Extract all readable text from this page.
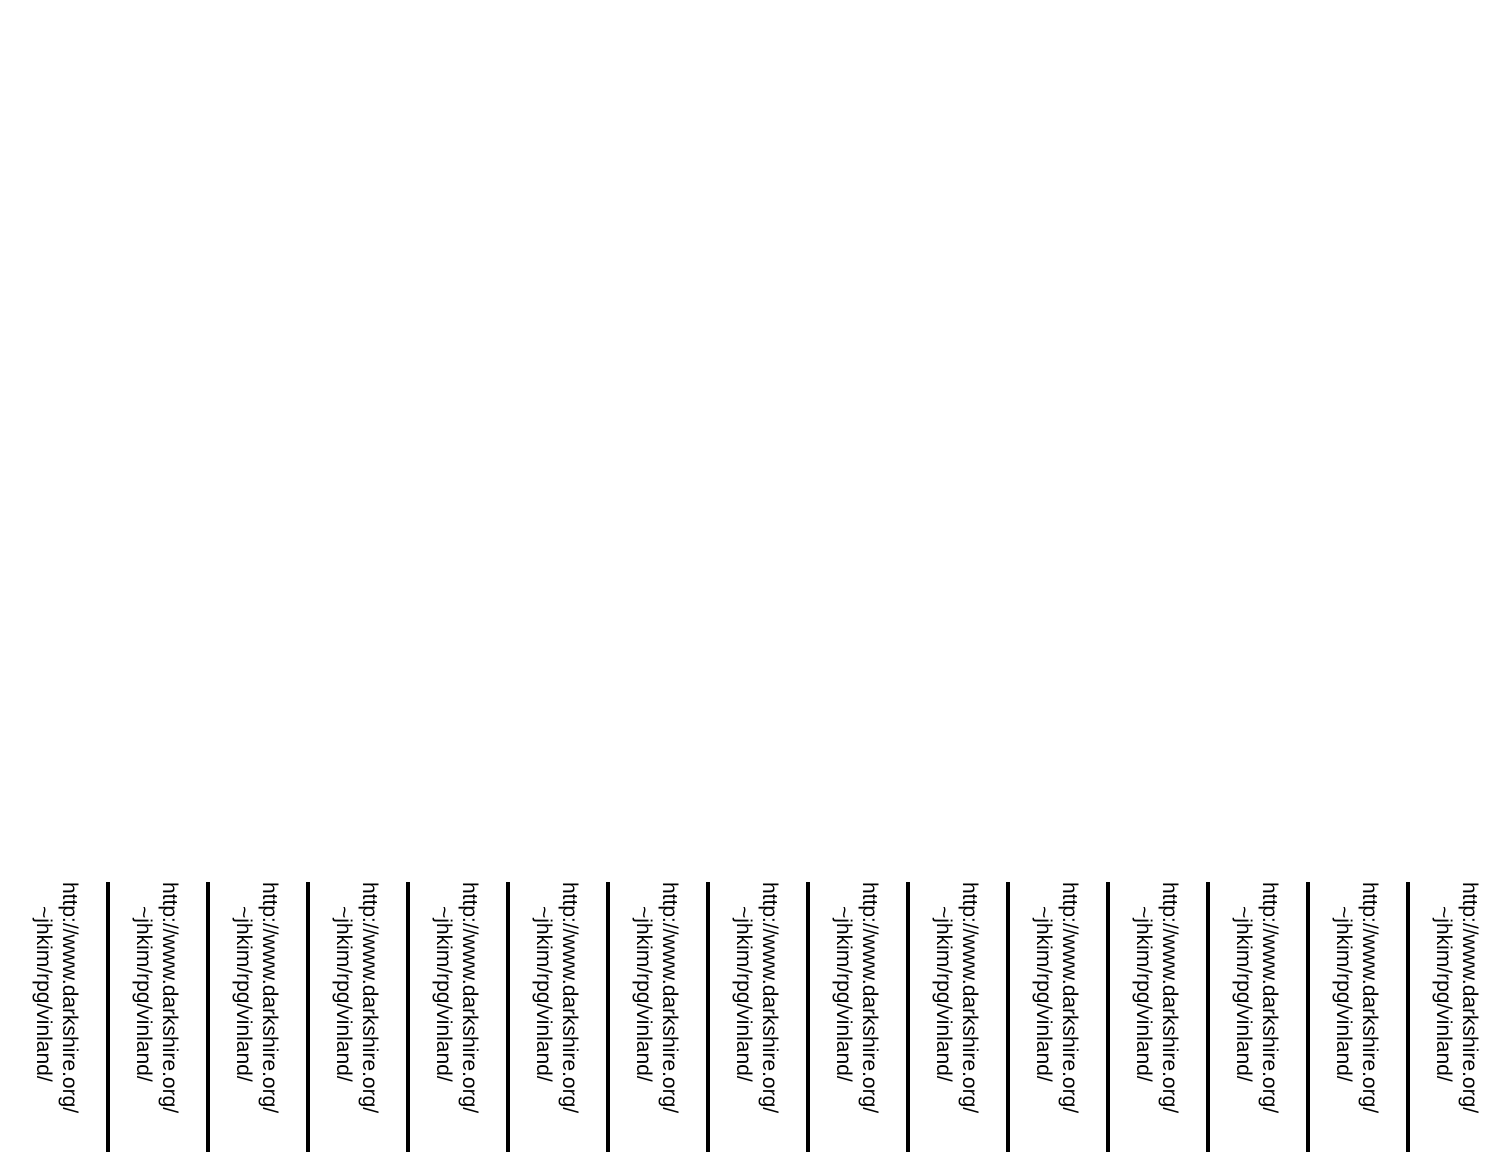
http://www.darkshire.org/
~jhkim/rpg/vinland/	http://www.darkshire.org/
~jhkim/rpg/vinland/	http://www.darkshire.org/
~jhkim/rpg/vinland/	http://www.darkshire.org/
~jhkim/rpg/vinland/	http://www.darkshire.org/
~jhkim/rpg/vinland/	http://www.darkshire.org/
~jhkim/rpg/vinland/	http://www.darkshire.org/
~jhkim/rpg/vinland/	http://www.darkshire.org/
~jhkim/rpg/vinland/	http://www.darkshire.org/
~jhkim/rpg/vinland/	http://www.darkshire.org/
~jhkim/rpg/vinland/	http://www.darkshire.org/
~jhkim/rpg/vinland/	http://www.darkshire.org/
~jhkim/rpg/vinland/	http://www.darkshire.org/
~jhkim/rpg/vinland/	http://www.darkshire.org/
~jhkim/rpg/vinland/	http://www.darkshire.org/
~jhkim/rpg/vinland/
